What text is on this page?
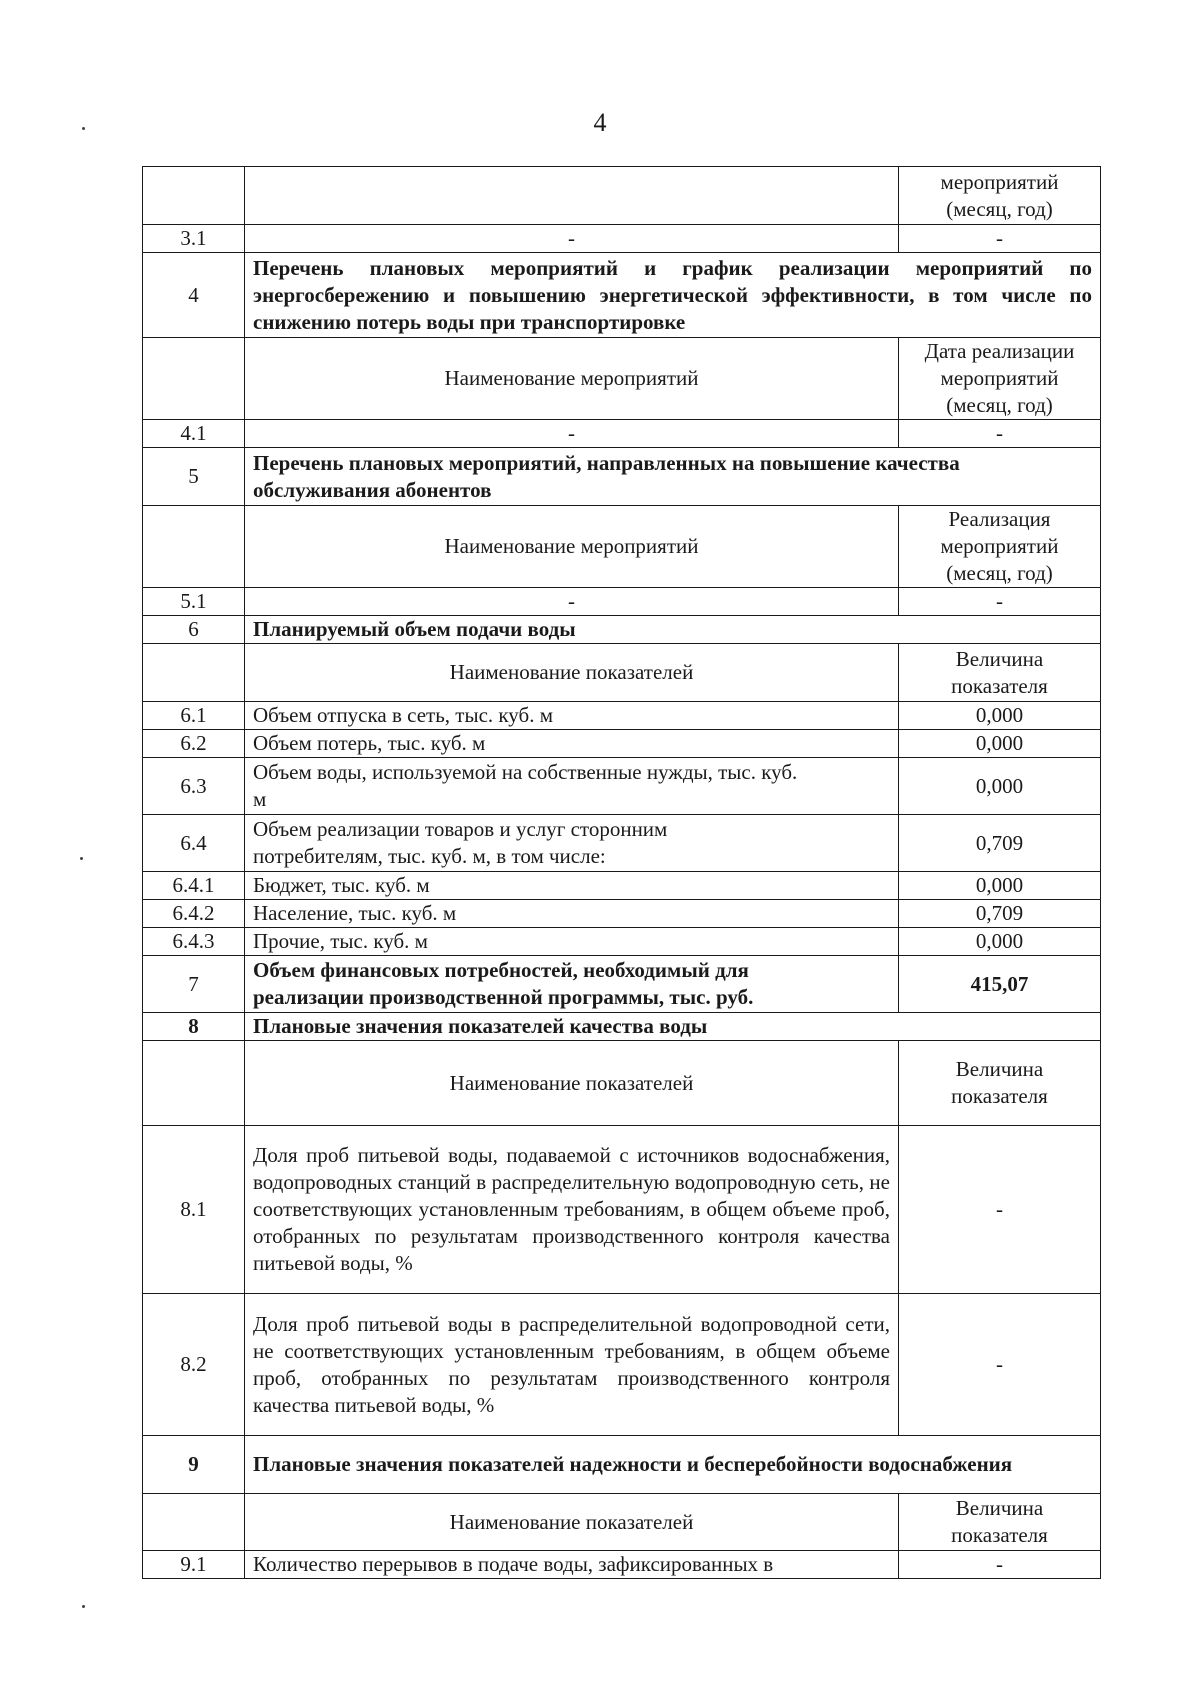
4
		мероприятий (месяц, год)
3.1	-	-
4	Перечень плановых мероприятий и график реализации мероприятий по энергосбережению и повышению энергетической эффективности, в том числе по снижению потерь воды при транспортировке	
	Наименование мероприятий	Дата реализации мероприятий (месяц, год)
4.1	-	-
5	Перечень плановых мероприятий, направленных на повышение качества обслуживания абонентов	
	Наименование мероприятий	Реализация мероприятий (месяц, год)
5.1	-	-
6	Планируемый объем подачи воды	
	Наименование показателей	Величина показателя
6.1	Объем отпуска в сеть, тыс. куб. м	0,000
6.2	Объем потерь, тыс. куб. м	0,000
6.3	Объем воды, используемой на собственные нужды, тыс. куб. м	0,000
6.4	Объем реализации товаров и услуг сторонним потребителям, тыс. куб. м, в том числе:	0,709
6.4.1	Бюджет, тыс. куб. м	0,000
6.4.2	Население, тыс. куб. м	0,709
6.4.3	Прочие, тыс. куб. м	0,000
7	Объем финансовых потребностей, необходимый для реализации производственной программы, тыс. руб.	415,07
8	Плановые значения показателей качества воды	
	Наименование показателей	Величина показателя
8.1	Доля проб питьевой воды, подаваемой с источников водоснабжения, водопроводных станций в распределительную водопроводную сеть, не соответствующих установленным требованиям, в общем объеме проб, отобранных по результатам производственного контроля качества питьевой воды, %	-
8.2	Доля проб питьевой воды в распределительной водопроводной сети, не соответствующих установленным требованиям, в общем объеме проб, отобранных по результатам производственного контроля качества питьевой воды, %	-
9	Плановые значения показателей надежности и бесперебойности водоснабжения	
	Наименование показателей	Величина показателя
9.1	Количество перерывов в подаче воды, зафиксированных в	-
